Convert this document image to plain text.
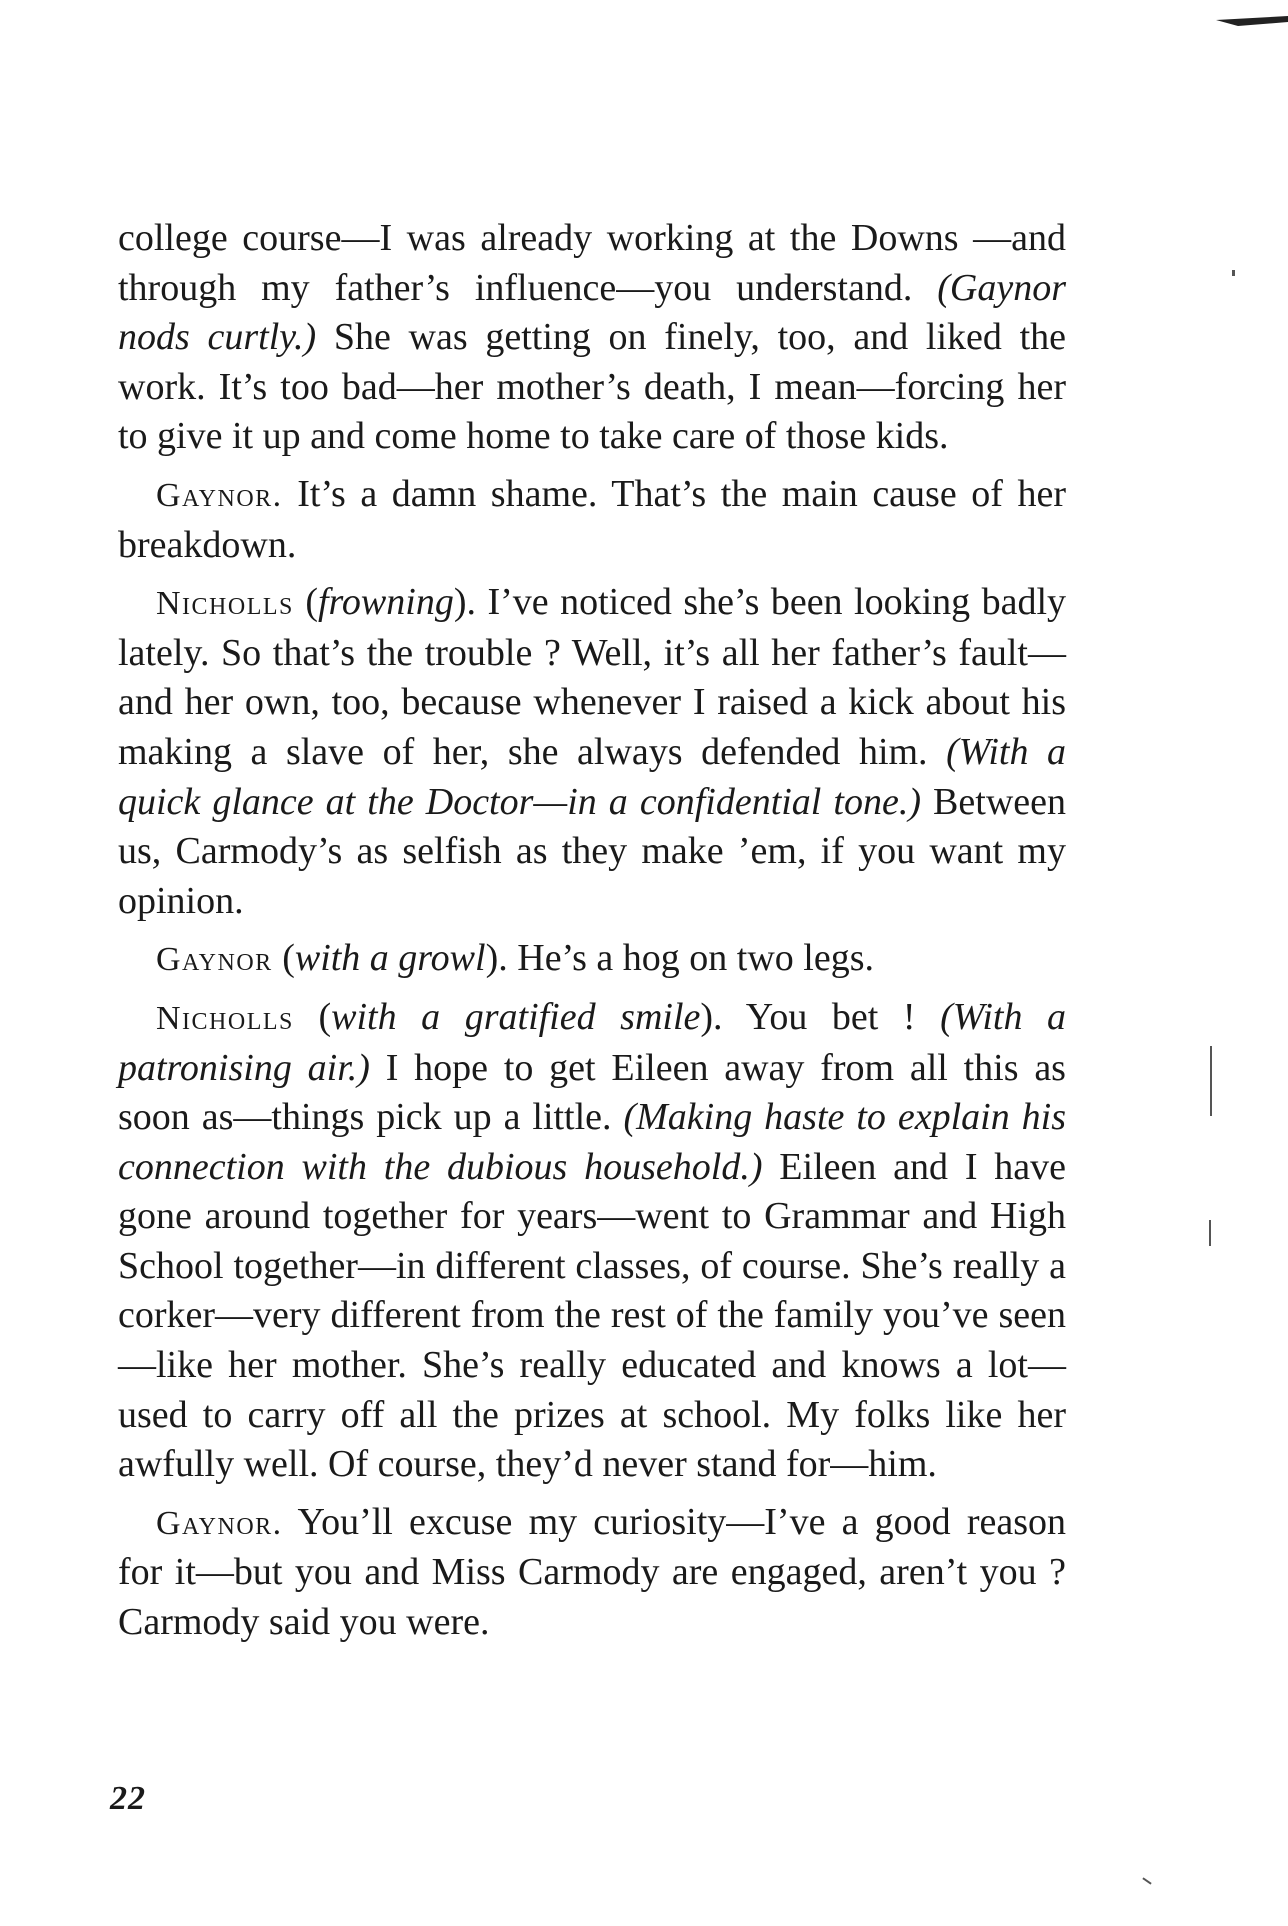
college course—I was already working at the Downs —and through my father’s influence—you understand. (Gaynor nods curtly.) She was getting on finely, too, and liked the work. It’s too bad—her mother’s death, I mean—forcing her to give it up and come home to take care of those kids.

Gaynor. It’s a damn shame. That’s the main cause of her breakdown.

Nicholls (frowning). I’ve noticed she’s been looking badly lately. So that’s the trouble ? Well, it’s all her father’s fault—and her own, too, because whenever I raised a kick about his making a slave of her, she always defended him. (With a quick glance at the Doctor—in a confidential tone.) Between us, Carmody’s as selfish as they make ’em, if you want my opinion.

Gaynor (with a growl). He’s a hog on two legs.

Nicholls (with a gratified smile). You bet ! (With a patronising air.) I hope to get Eileen away from all this as soon as—things pick up a little. (Making haste to explain his connection with the dubious household.) Eileen and I have gone around together for years—went to Grammar and High School together—in different classes, of course. She’s really a corker—very different from the rest of the family you’ve seen—like her mother. She’s really educated and knows a lot—used to carry off all the prizes at school. My folks like her awfully well. Of course, they’d never stand for—him.

Gaynor. You’ll excuse my curiosity—I’ve a good reason for it—but you and Miss Carmody are engaged, aren’t you ? Carmody said you were.

22
